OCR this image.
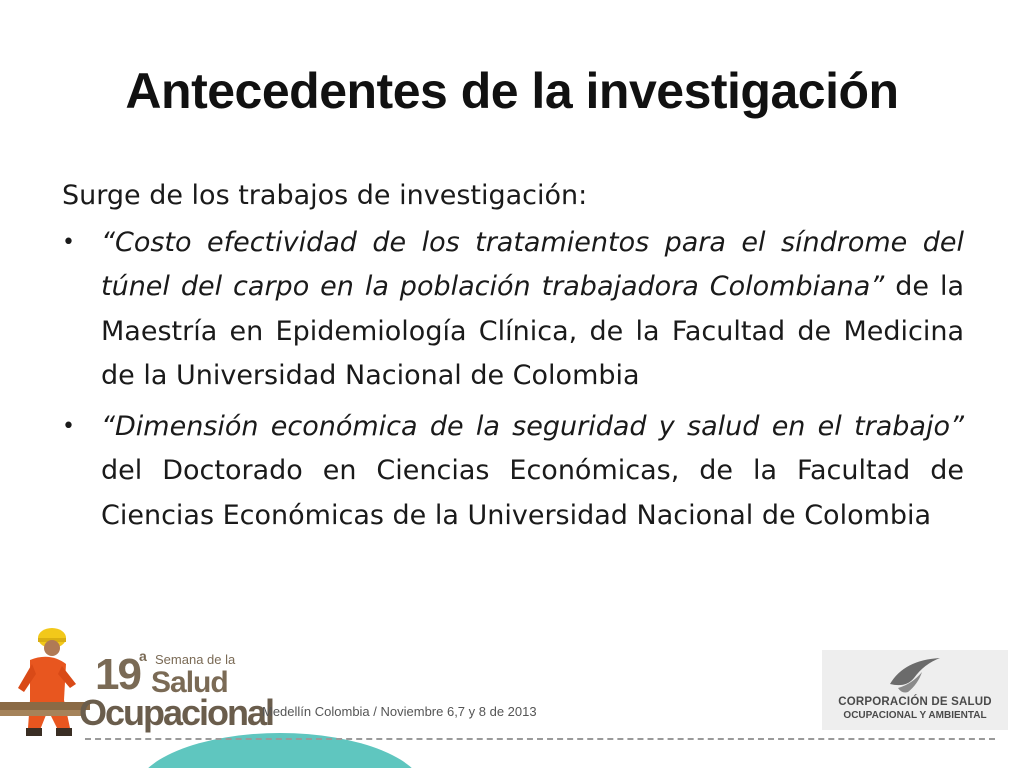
Antecedentes de la investigación

Surge de los trabajos de investigación:

• “Costo efectividad de los tratamientos para el síndrome del túnel del carpo en la población trabajadora Colombiana” de la Maestría en Epidemiología Clínica, de la Facultad de Medicina de la Universidad Nacional de Colombia

• “Dimensión económica de la seguridad y salud en el trabajo” del Doctorado en Ciencias Económicas, de la Facultad de Ciencias Económicas de la Universidad Nacional de Colombia

19 a Semana de la
Salud
Ocupacional
Medellín Colombia / Noviembre 6,7 y 8 de 2013
CORPORACIÓN DE SALUD
OCUPACIONAL Y AMBIENTAL
